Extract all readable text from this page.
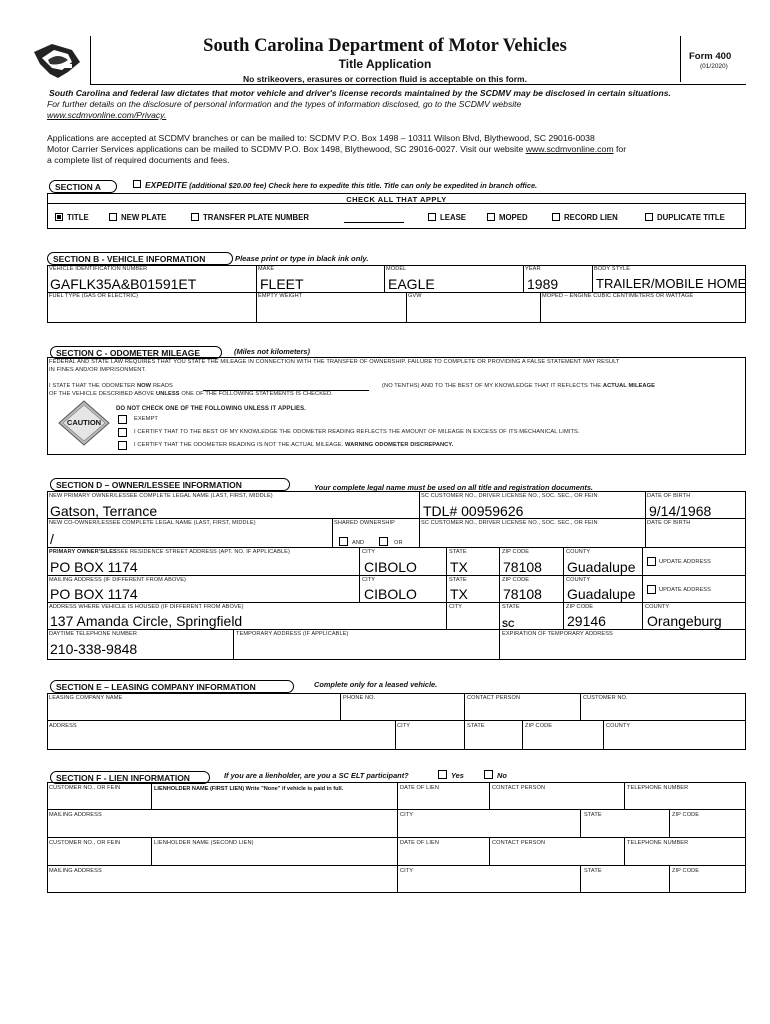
South Carolina Department of Motor Vehicles
Title Application
No strikeovers, erasures or correction fluid is acceptable on this form.
Form 400
(01/2020)
South Carolina and federal law dictates that motor vehicle and driver's license records maintained by the SCDMV may be disclosed in certain situations.
For further details on the disclosure of personal information and the types of information disclosed, go to the SCDMV website
www.scdmvonline.com/Privacy.
Applications are accepted at SCDMV branches or can be mailed to: SCDMV P.O. Box 1498 – 10311 Wilson Blvd, Blythewood, SC 29016-0038
Motor Carrier Services applications can be mailed to SCDMV P.O. Box 1498, Blythewood, SC 29016-0027. Visit our website www.scdmvonline.com for
a complete list of required documents and fees.
SECTION A	EXPEDITE (additional $20.00 fee) Check here to expedite this title. Title can only be expedited in branch office.
CHECK ALL THAT APPLY
TITLE	NEW PLATE	TRANSFER PLATE NUMBER	LEASE	MOPED	RECORD LIEN	DUPLICATE TITLE
SECTION B - VEHICLE INFORMATION	Please print or type in black ink only.
VEHICLE IDENTIFICATION NUMBER
GAFLK35A&B01591ET
MAKE
FLEET
MODEL
EAGLE
YEAR
1989
BODY STYLE
TRAILER/MOBILE HOME
FUEL TYPE (GAS OR ELECTRIC)	EMPTY WEIGHT	GVW	MOPED – ENGINE CUBIC CENTIMETERS OR WATTAGE
SECTION C - ODOMETER MILEAGE	(Miles not kilometers)
FEDERAL AND STATE LAW REQUIRES THAT YOU STATE THE MILEAGE IN CONNECTION WITH THE TRANSFER OF OWNERSHIP. FAILURE TO COMPLETE OR PROVIDING A FALSE STATEMENT MAY RESULT
IN FINES AND/OR IMPRISONMENT.
I STATE THAT THE ODOMETER NOW READS	(NO TENTHS) AND TO THE BEST OF MY KNOWLEDGE THAT IT REFLECTS THE ACTUAL MILEAGE
OF THE VEHICLE DESCRIBED ABOVE UNLESS ONE OF THE FOLLOWING STATEMENTS IS CHECKED.
CAUTION
DO NOT CHECK ONE OF THE FOLLOWING UNLESS IT APPLIES.
EXEMPT
I CERTIFY THAT TO THE BEST OF MY KNOWLEDGE THE ODOMETER READING REFLECTS THE AMOUNT OF MILEAGE IN EXCESS OF ITS MECHANICAL LIMITS.
I CERTIFY THAT THE ODOMETER READING IS NOT THE ACTUAL MILEAGE. WARNING ODOMETER DISCREPANCY.
SECTION D – OWNER/LESSEE INFORMATION	Your complete legal name must be used on all title and registration documents.
NEW PRIMARY OWNER/LESSEE COMPLETE LEGAL NAME (LAST, FIRST, MIDDLE)
Gatson, Terrance
SC CUSTOMER NO., DRIVER LICENSE NO., SOC. SEC., OR FEIN
TDL# 00959626
DATE OF BIRTH
9/14/1968
NEW CO-OWNER/LESSEE COMPLETE LEGAL NAME (LAST, FIRST, MIDDLE)
/
SHARED OWNERSHIP
AND	OR
SC CUSTOMER NO., DRIVER LICENSE NO., SOC. SEC., OR FEIN	DATE OF BIRTH
PRIMARY OWNER'S/LESSEE RESIDENCE STREET ADDRESS (APT. NO. IF APPLICABLE)
PO BOX 1174
CITY
CIBOLO
STATE
TX
ZIP CODE
78108
COUNTY
Guadalupe	UPDATE ADDRESS
MAILING ADDRESS (IF DIFFERENT FROM ABOVE)
PO BOX 1174
CITY
CIBOLO
STATE
TX
ZIP CODE
78108
COUNTY
Guadalupe	UPDATE ADDRESS
ADDRESS WHERE VEHICLE IS HOUSED (IF DIFFERENT FROM ABOVE)
137 Amanda Circle, Springfield
CITY	STATE
SC
ZIP CODE
29146
COUNTY
Orangeburg
DAYTIME TELEPHONE NUMBER
210-338-9848
TEMPORARY ADDRESS (IF APPLICABLE)	EXPIRATION OF TEMPORARY ADDRESS
SECTION E – LEASING COMPANY INFORMATION	Complete only for a leased vehicle.
LEASING COMPANY NAME	PHONE NO.	CONTACT PERSON	CUSTOMER NO.
ADDRESS	CITY	STATE	ZIP CODE	COUNTY
SECTION F - LIEN INFORMATION	If you are a lienholder, are you a SC ELT participant?	Yes	No
CUSTOMER NO., OR FEIN	LIENHOLDER NAME (FIRST LIEN) Write "None" if vehicle is paid in full.	DATE OF LIEN	CONTACT PERSON	TELEPHONE NUMBER
MAILING ADDRESS	CITY	STATE	ZIP CODE
CUSTOMER NO., OR FEIN	LIENHOLDER NAME (SECOND LIEN)	DATE OF LIEN	CONTACT PERSON	TELEPHONE NUMBER
MAILING ADDRESS	CITY	STATE	ZIP CODE
